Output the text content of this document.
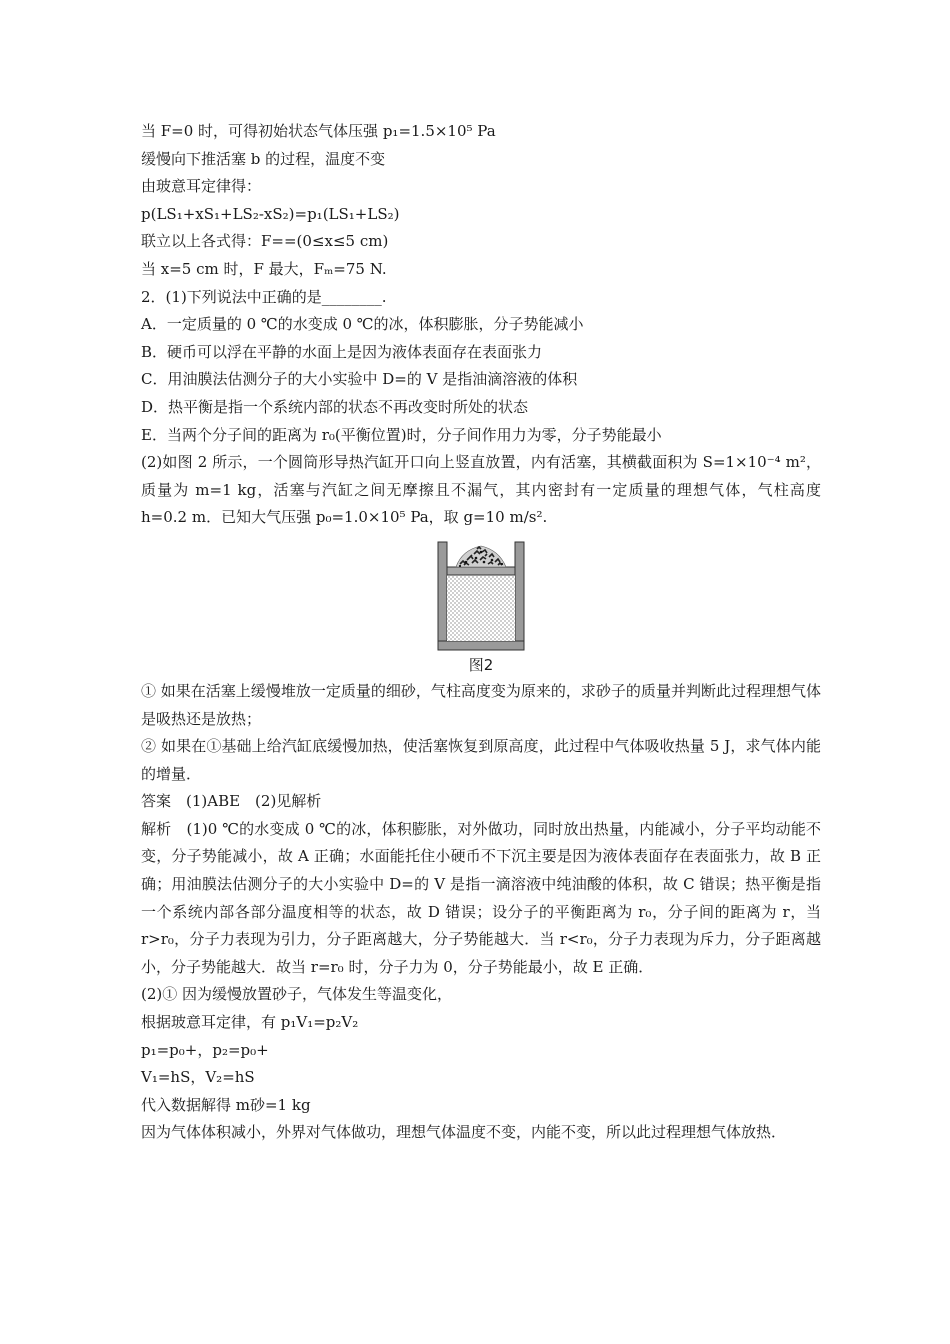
当 F=0 时，可得初始状态气体压强 p₁=1.5×10⁵ Pa
缓慢向下推活塞 b 的过程，温度不变
由玻意耳定律得：
p(LS₁+xS₁+LS₂-xS₂)=p₁(LS₁+LS₂)
联立以上各式得：F==(0≤x≤5 cm)
当 x=5 cm 时，F 最大，Fₘ=75 N.
2．(1)下列说法中正确的是________.
A．一定质量的 0 ℃的水变成 0 ℃的冰，体积膨胀，分子势能减小
B．硬币可以浮在平静的水面上是因为液体表面存在表面张力
C．用油膜法估测分子的大小实验中 D=的 V 是指油滴溶液的体积
D．热平衡是指一个系统内部的状态不再改变时所处的状态
E．当两个分子间的距离为 r₀(平衡位置)时，分子间作用力为零，分子势能最小
(2)如图 2 所示，一个圆筒形导热汽缸开口向上竖直放置，内有活塞，其横截面积为 S=1×10⁻⁴ m²，质量为 m=1 kg，活塞与汽缸之间无摩擦且不漏气，其内密封有一定质量的理想气体，气柱高度 h=0.2 m．已知大气压强 p₀=1.0×10⁵ Pa，取 g=10 m/s².
图2
① 如果在活塞上缓慢堆放一定质量的细砂，气柱高度变为原来的，求砂子的质量并判断此过程理想气体是吸热还是放热；
② 如果在①基础上给汽缸底缓慢加热，使活塞恢复到原高度，此过程中气体吸收热量 5 J，求气体内能的增量．
答案　(1)ABE　(2)见解析
解析　(1)0 ℃的水变成 0 ℃的冰，体积膨胀，对外做功，同时放出热量，内能减小，分子平均动能不变，分子势能减小，故 A 正确；水面能托住小硬币不下沉主要是因为液体表面存在表面张力，故 B 正确；用油膜法估测分子的大小实验中 D=的 V 是指一滴溶液中纯油酸的体积，故 C 错误；热平衡是指一个系统内部各部分温度相等的状态，故 D 错误；设分子的平衡距离为 r₀，分子间的距离为 r，当 r>r₀，分子力表现为引力，分子距离越大，分子势能越大．当 r<r₀，分子力表现为斥力，分子距离越小，分子势能越大．故当 r=r₀ 时，分子力为 0，分子势能最小，故 E 正确．
(2)① 因为缓慢放置砂子，气体发生等温变化，
根据玻意耳定律，有 p₁V₁=p₂V₂
p₁=p₀+，p₂=p₀+
V₁=hS，V₂=hS
代入数据解得 m砂=1 kg
因为气体体积减小，外界对气体做功，理想气体温度不变，内能不变，所以此过程理想气体放热．
